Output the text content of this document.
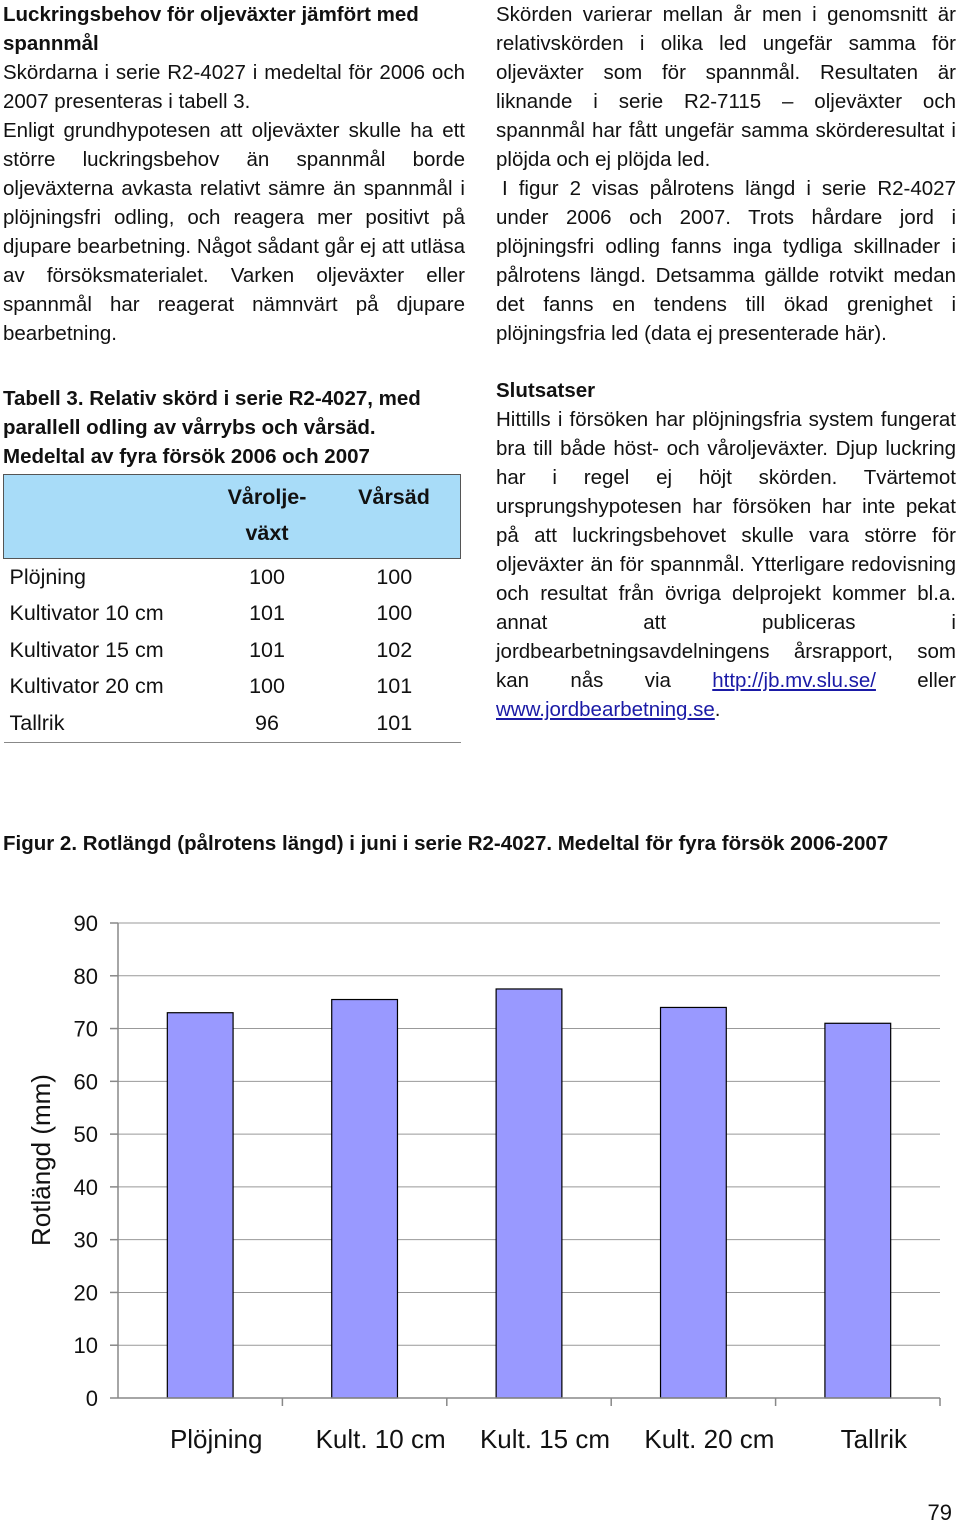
Luckringsbehov för oljeväxter jämfört med spannmål

Skördarna i serie R2-4027 i medeltal för 2006 och 2007 presenteras i tabell 3.

Enligt grundhypotesen att oljeväxter skulle ha ett större luckringsbehov än spannmål borde oljeväxterna avkasta relativt sämre än spannmål i plöjningsfri odling, och reagera mer positivt på djupare bearbetning. Något sådant går ej att utläsa av försöksmaterialet. Varken oljeväxter eller spannmål har reagerat nämnvärt på djupare bearbetning.

Tabell 3. Relativ skörd i serie R2-4027, med parallell odling av vårrybs och vårsäd.

Medeltal av fyra försök 2006 och 2007

	Vårolje-växt	Vårsäd
Plöjning	100	100
Kultivator 10 cm	101	100
Kultivator 15 cm	101	102
Kultivator 20 cm	100	101
Tallrik	96	101

Skörden varierar mellan år men i genomsnitt är relativskörden i olika led ungefär samma för oljeväxter som för spannmål. Resultaten är liknande i serie R2-7115 – oljeväxter och spannmål har fått ungefär samma skörderesultat i plöjda och ej plöjda led.

I figur 2 visas pålrotens längd i serie R2-4027 under 2006 och 2007. Trots hårdare jord i plöjningsfri odling fanns inga tydliga skillnader i pålrotens längd. Detsamma gällde rotvikt medan det fanns en tendens till ökad grenighet i plöjningsfria led (data ej presenterade här).

Slutsatser

Hittills i försöken har plöjningsfria system fungerat bra till både höst- och våroljeväxter. Djup luckring har i regel ej höjt skörden. Tvärtemot ursprungshypotesen har försöken har inte pekat på att luckringsbehovet skulle vara större för oljeväxter än för spannmål. Ytterligare redovisning och resultat från övriga delprojekt kommer bl.a. annat att publiceras i jordbearbetningsavdelningens årsrapport, som kan nås via http://jb.mv.slu.se/ eller www.jordbearbetning.se.

Figur 2. Rotlängd (pålrotens längd) i juni i serie R2-4027. Medeltal för fyra försök 2006-2007

0
10
20
30
40
50
60
70
80
90
Plöjning Kult. 10 cm Kult. 15 cm Kult. 20 cm	Tallrik
Rotlängd (mm)
79
